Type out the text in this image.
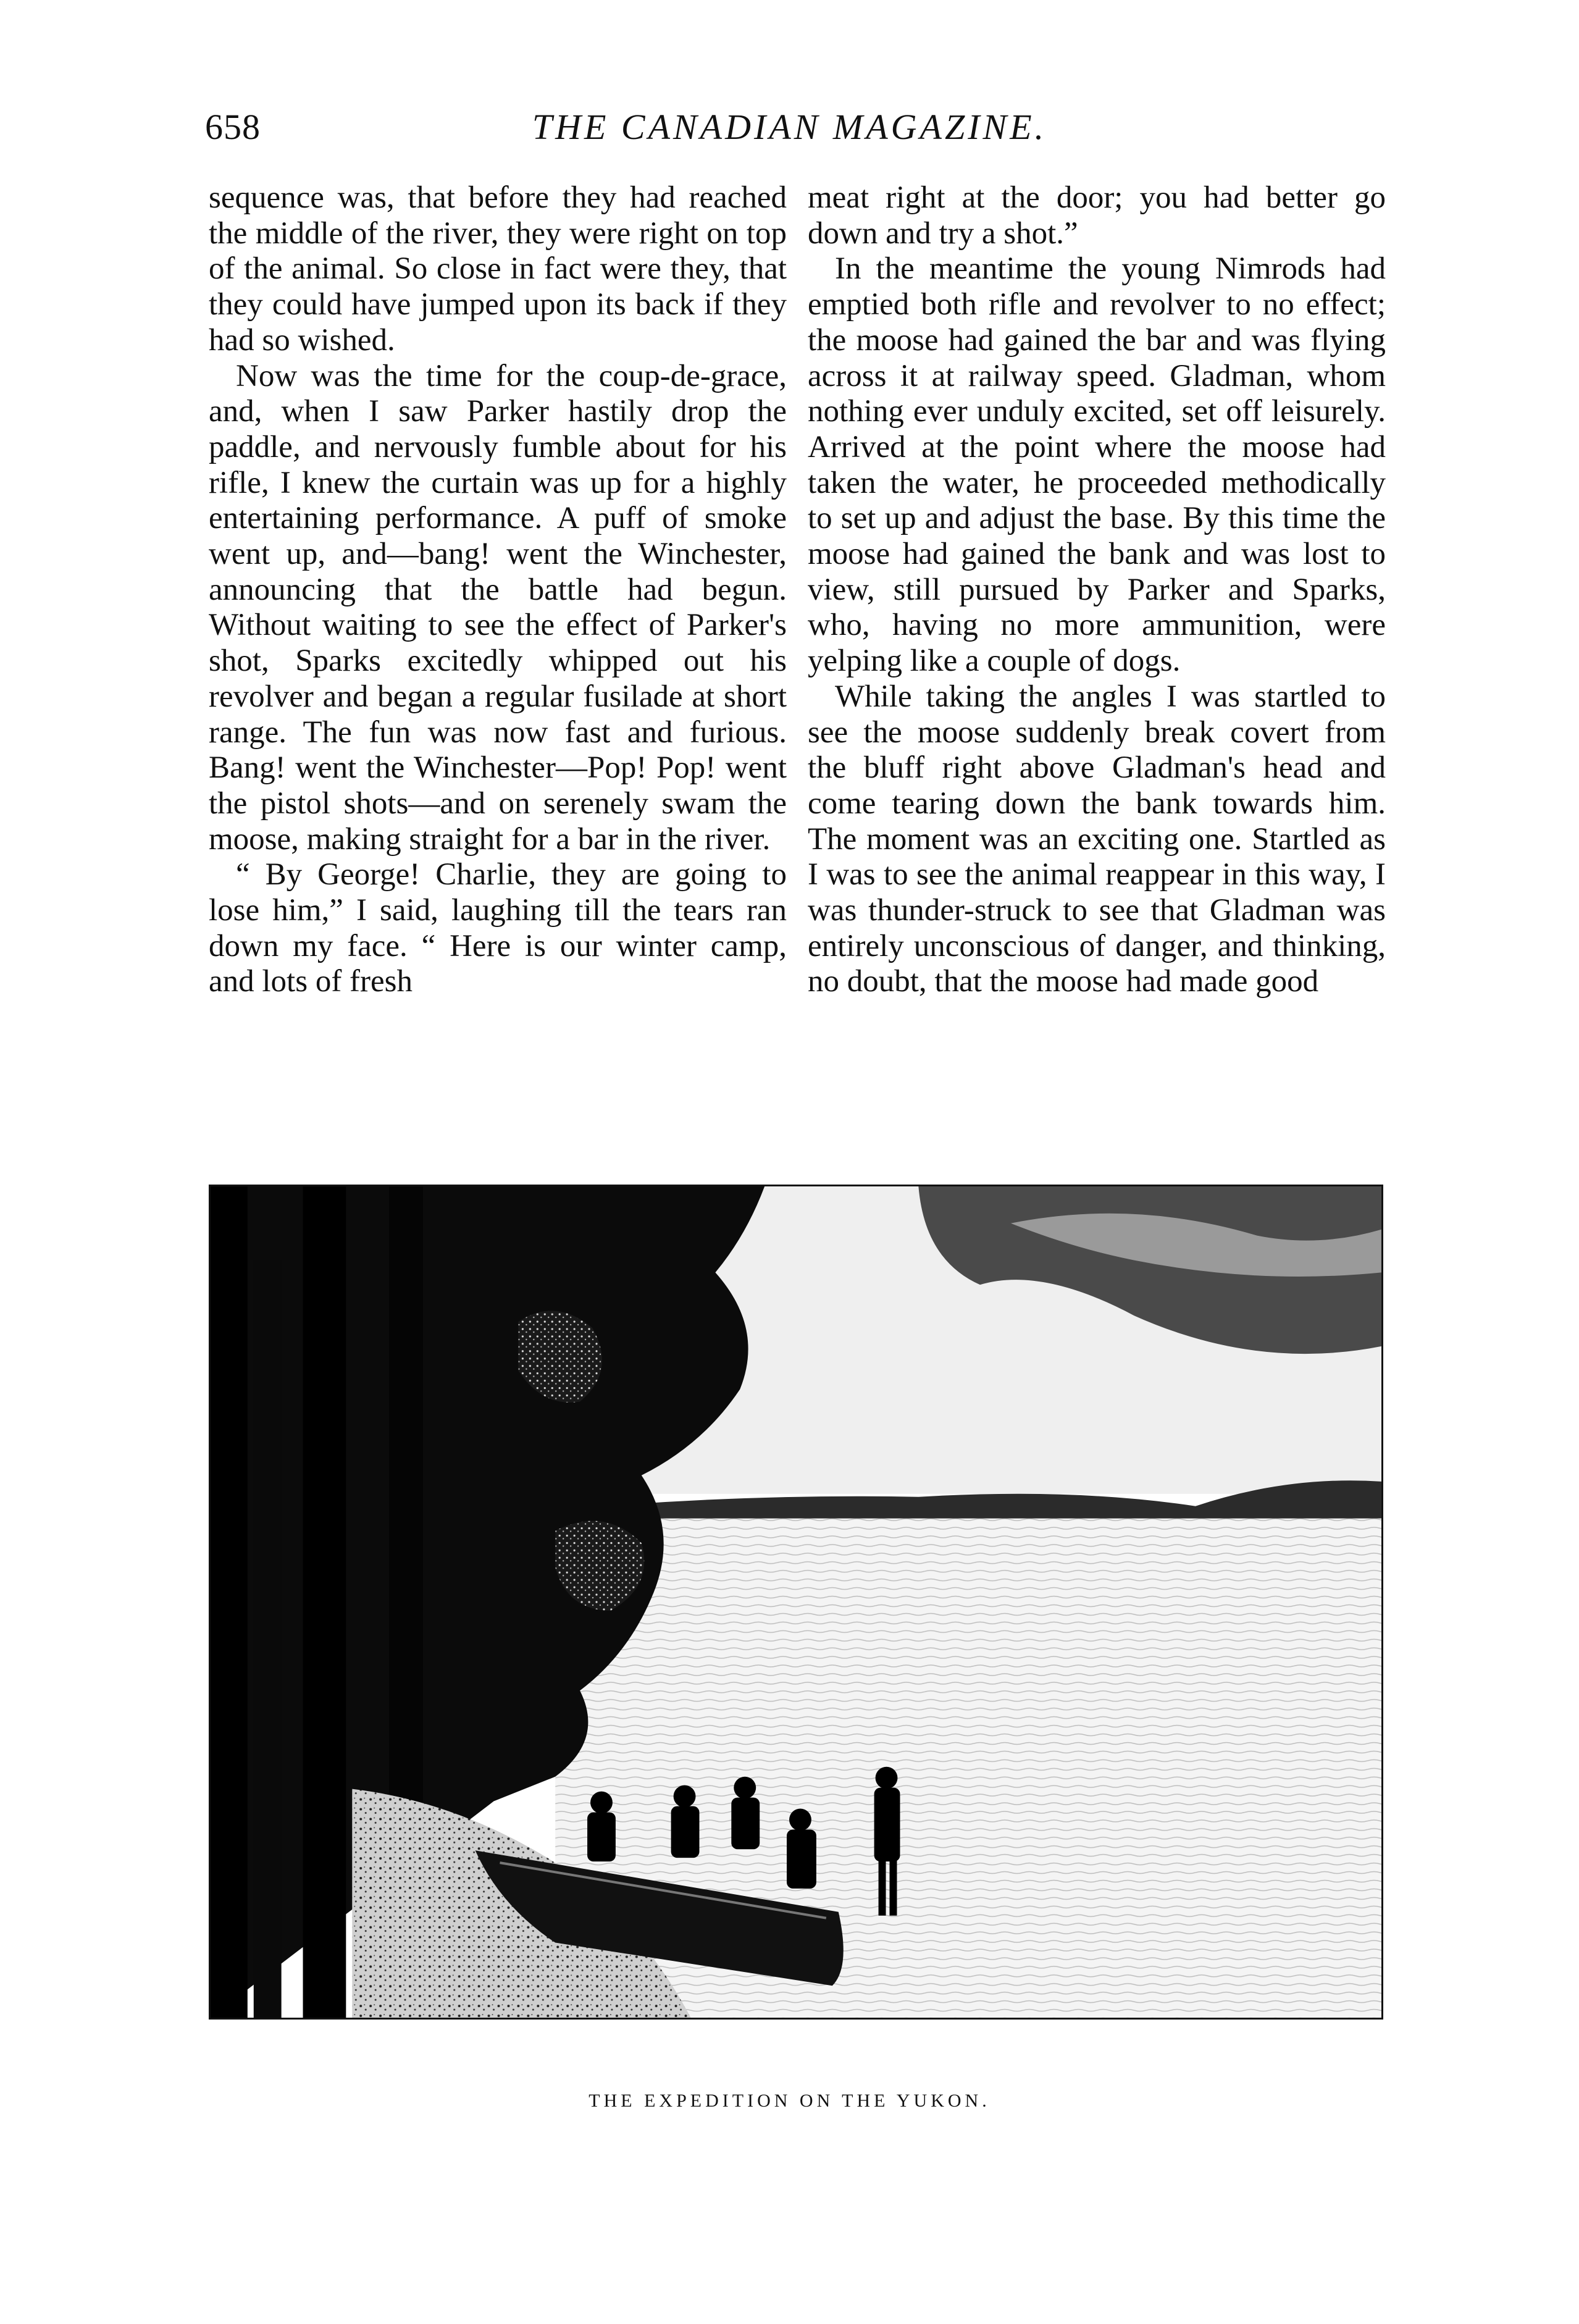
658	THE CANADIAN MAGAZINE.

sequence was, that before they had reached the middle of the river, they were right on top of the animal. So close in fact were they, that they could have jumped upon its back if they had so wished.

Now was the time for the coup-de-grace, and, when I saw Parker hastily drop the paddle, and nervously fumble about for his rifle, I knew the curtain was up for a highly entertaining performance. A puff of smoke went up, and—bang! went the Winchester, announcing that the battle had begun. Without waiting to see the effect of Parker's shot, Sparks excitedly whipped out his revolver and began a regular fusilade at short range. The fun was now fast and furious. Bang! went the Winchester—Pop! Pop! went the pistol shots—and on serenely swam the moose, making straight for a bar in the river.

“ By George! Charlie, they are going to lose him,” I said, laughing till the tears ran down my face. “ Here is our winter camp, and lots of fresh

meat right at the door; you had better go down and try a shot.”

In the meantime the young Nimrods had emptied both rifle and revolver to no effect; the moose had gained the bar and was flying across it at railway speed. Gladman, whom nothing ever unduly excited, set off leisurely. Arrived at the point where the moose had taken the water, he proceeded methodically to set up and adjust the base. By this time the moose had gained the bank and was lost to view, still pursued by Parker and Sparks, who, having no more ammunition, were yelping like a couple of dogs.

While taking the angles I was startled to see the moose suddenly break covert from the bluff right above Gladman's head and come tearing down the bank towards him. The moment was an exciting one. Startled as I was to see the animal reappear in this way, I was thunder-struck to see that Gladman was entirely unconscious of danger, and thinking, no doubt, that the moose had made good

THE EXPEDITION ON THE YUKON.
